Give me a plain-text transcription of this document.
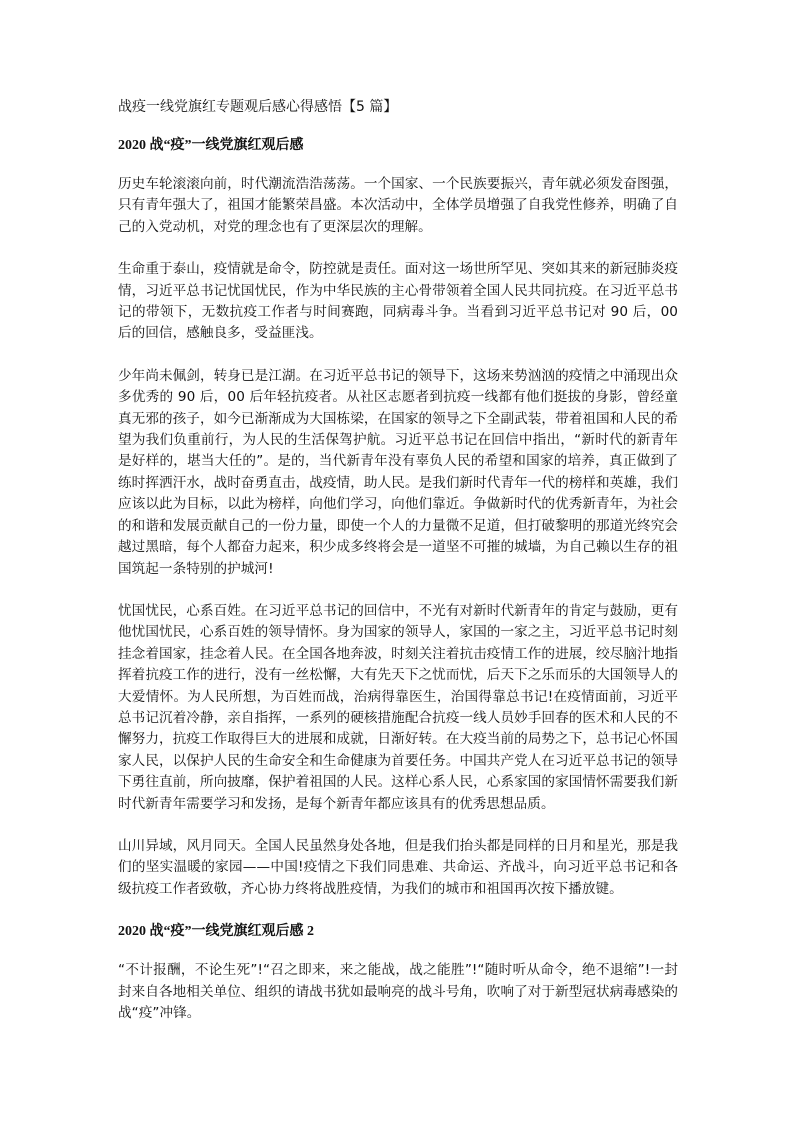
战疫一线党旗红专题观后感心得感悟【5 篇】
2020 战“疫”一线党旗红观后感

历史车轮滚滚向前，时代潮流浩浩荡荡。一个国家、一个民族要振兴，青年就必须发奋图强，只有青年强大了，祖国才能繁荣昌盛。本次活动中，全体学员增强了自我党性修养，明确了自己的入党动机，对党的理念也有了更深层次的理解。

生命重于泰山，疫情就是命令，防控就是责任。面对这一场世所罕见、突如其来的新冠肺炎疫情，习近平总书记忧国忧民，作为中华民族的主心骨带领着全国人民共同抗疫。在习近平总书记的带领下，无数抗疫工作者与时间赛跑，同病毒斗争。当看到习近平总书记对 90 后，00 后的回信，感触良多，受益匪浅。

少年尚未佩剑，转身已是江湖。在习近平总书记的领导下，这场来势汹汹的疫情之中涌现出众多优秀的 90 后，00 后年轻抗疫者。从社区志愿者到抗疫一线都有他们挺拔的身影，曾经童真无邪的孩子，如今已渐渐成为大国栋梁，在国家的领导之下全副武装，带着祖国和人民的希望为我们负重前行，为人民的生活保驾护航。习近平总书记在回信中指出，“新时代的新青年是好样的，堪当大任的”。是的，当代新青年没有辜负人民的希望和国家的培养，真正做到了练时挥洒汗水，战时奋勇直击，战疫情，助人民。是我们新时代青年一代的榜样和英雄，我们应该以此为目标，以此为榜样，向他们学习，向他们靠近。争做新时代的优秀新青年，为社会的和谐和发展贡献自己的一份力量，即使一个人的力量微不足道，但打破黎明的那道光终究会越过黑暗，每个人都奋力起来，积少成多终将会是一道坚不可摧的城墙，为自己赖以生存的祖国筑起一条特别的护城河!

忧国忧民，心系百姓。在习近平总书记的回信中，不光有对新时代新青年的肯定与鼓励，更有他忧国忧民，心系百姓的领导情怀。身为国家的领导人，家国的一家之主，习近平总书记时刻挂念着国家，挂念着人民。在全国各地奔波，时刻关注着抗击疫情工作的进展，绞尽脑汁地指挥着抗疫工作的进行，没有一丝松懈，大有先天下之忧而忧，后天下之乐而乐的大国领导人的大爱情怀。为人民所想，为百姓而战，治病得靠医生，治国得靠总书记!在疫情面前，习近平总书记沉着冷静，亲自指挥，一系列的硬核措施配合抗疫一线人员妙手回春的医术和人民的不懈努力，抗疫工作取得巨大的进展和成就，日渐好转。在大疫当前的局势之下，总书记心怀国家人民，以保护人民的生命安全和生命健康为首要任务。中国共产党人在习近平总书记的领导下勇往直前，所向披靡，保护着祖国的人民。这样心系人民，心系家国的家国情怀需要我们新时代新青年需要学习和发扬，是每个新青年都应该具有的优秀思想品质。

山川异域，风月同天。全国人民虽然身处各地，但是我们抬头都是同样的日月和星光，那是我们的坚实温暖的家园——中国!疫情之下我们同患难、共命运、齐战斗，向习近平总书记和各级抗疫工作者致敬，齐心协力终将战胜疫情，为我们的城市和祖国再次按下播放键。

2020 战“疫”一线党旗红观后感 2

“不计报酬，不论生死”!“召之即来，来之能战，战之能胜”!“随时听从命令，绝不退缩”!一封封来自各地相关单位、组织的请战书犹如最响亮的战斗号角，吹响了对于新型冠状病毒感染的战“疫”冲锋。
